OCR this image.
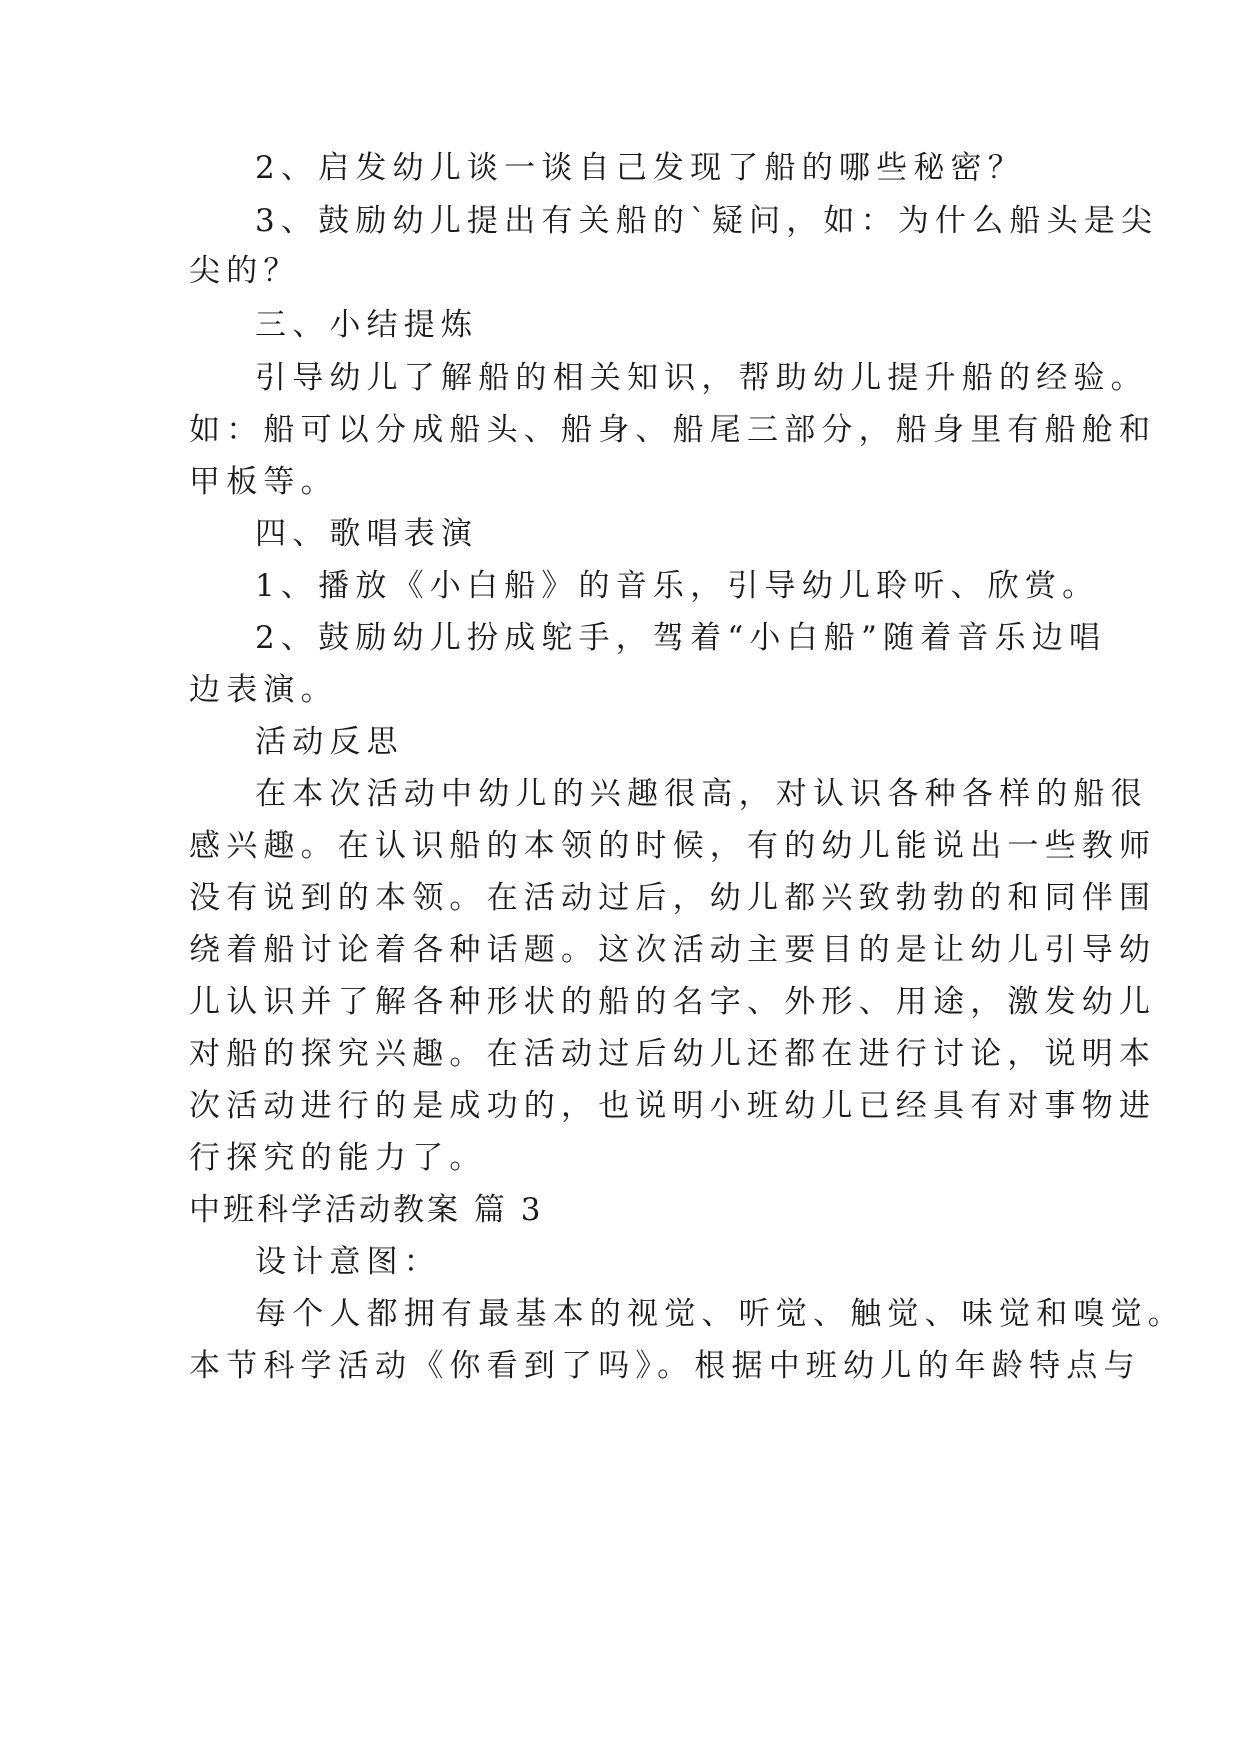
2、启发幼儿谈一谈自己发现了船的哪些秘密？
3、鼓励幼儿提出有关船的`疑问，如：为什么船头是尖
尖的？
三、小结提炼
引导幼儿了解船的相关知识，帮助幼儿提升船的经验。
如：船可以分成船头、船身、船尾三部分，船身里有船舱和
甲板等。
四、歌唱表演
1、播放《小白船》的音乐，引导幼儿聆听、欣赏。
2、鼓励幼儿扮成鸵手，驾着“小白船”随着音乐边唱
边表演。
活动反思
在本次活动中幼儿的兴趣很高，对认识各种各样的船很
感兴趣。在认识船的本领的时候，有的幼儿能说出一些教师
没有说到的本领。在活动过后，幼儿都兴致勃勃的和同伴围
绕着船讨论着各种话题。这次活动主要目的是让幼儿引导幼
儿认识并了解各种形状的船的名字、外形、用途，激发幼儿
对船的探究兴趣。在活动过后幼儿还都在进行讨论，说明本
次活动进行的是成功的，也说明小班幼儿已经具有对事物进
行探究的能力了。
中班科学活动教案 篇 3
设计意图：
每个人都拥有最基本的视觉、听觉、触觉、味觉和嗅觉。
本节科学活动《你看到了吗》。根据中班幼儿的年龄特点与
